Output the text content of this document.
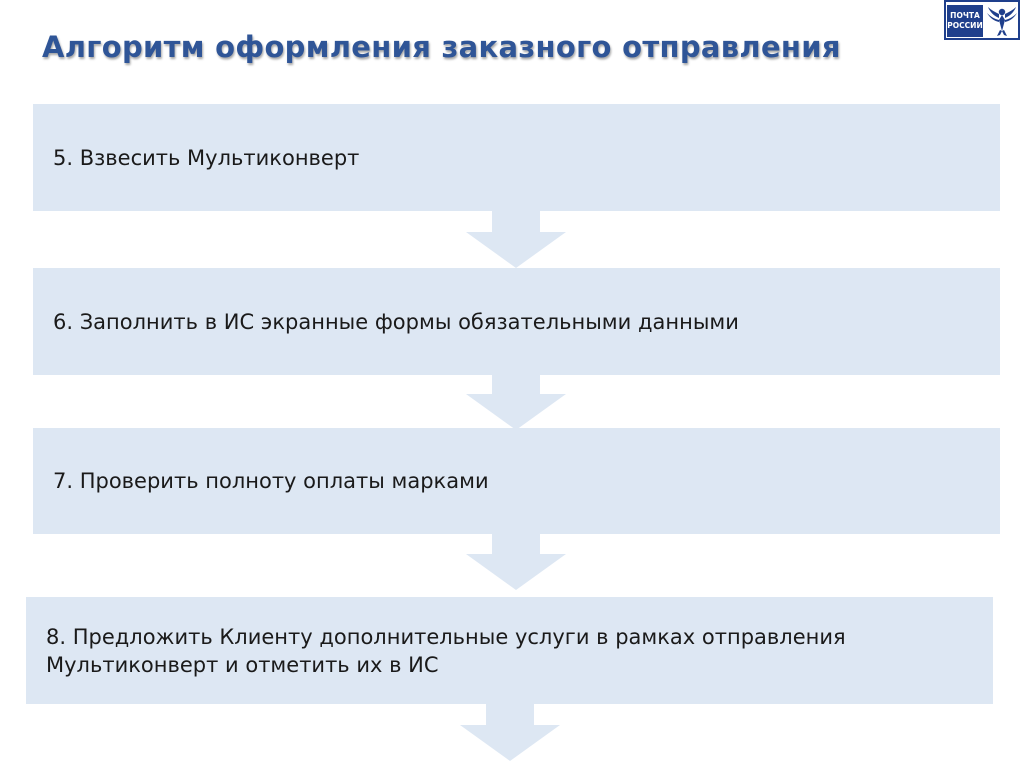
Алгоритм оформления заказного отправления
ПОЧТА
РОССИИ
5. Взвесить Мультиконверт
6. Заполнить в ИС экранные формы обязательными данными
7. Проверить полноту оплаты марками
8. Предложить Клиенту дополнительные услуги в рамках отправления
Мультиконверт и отметить их в ИС
